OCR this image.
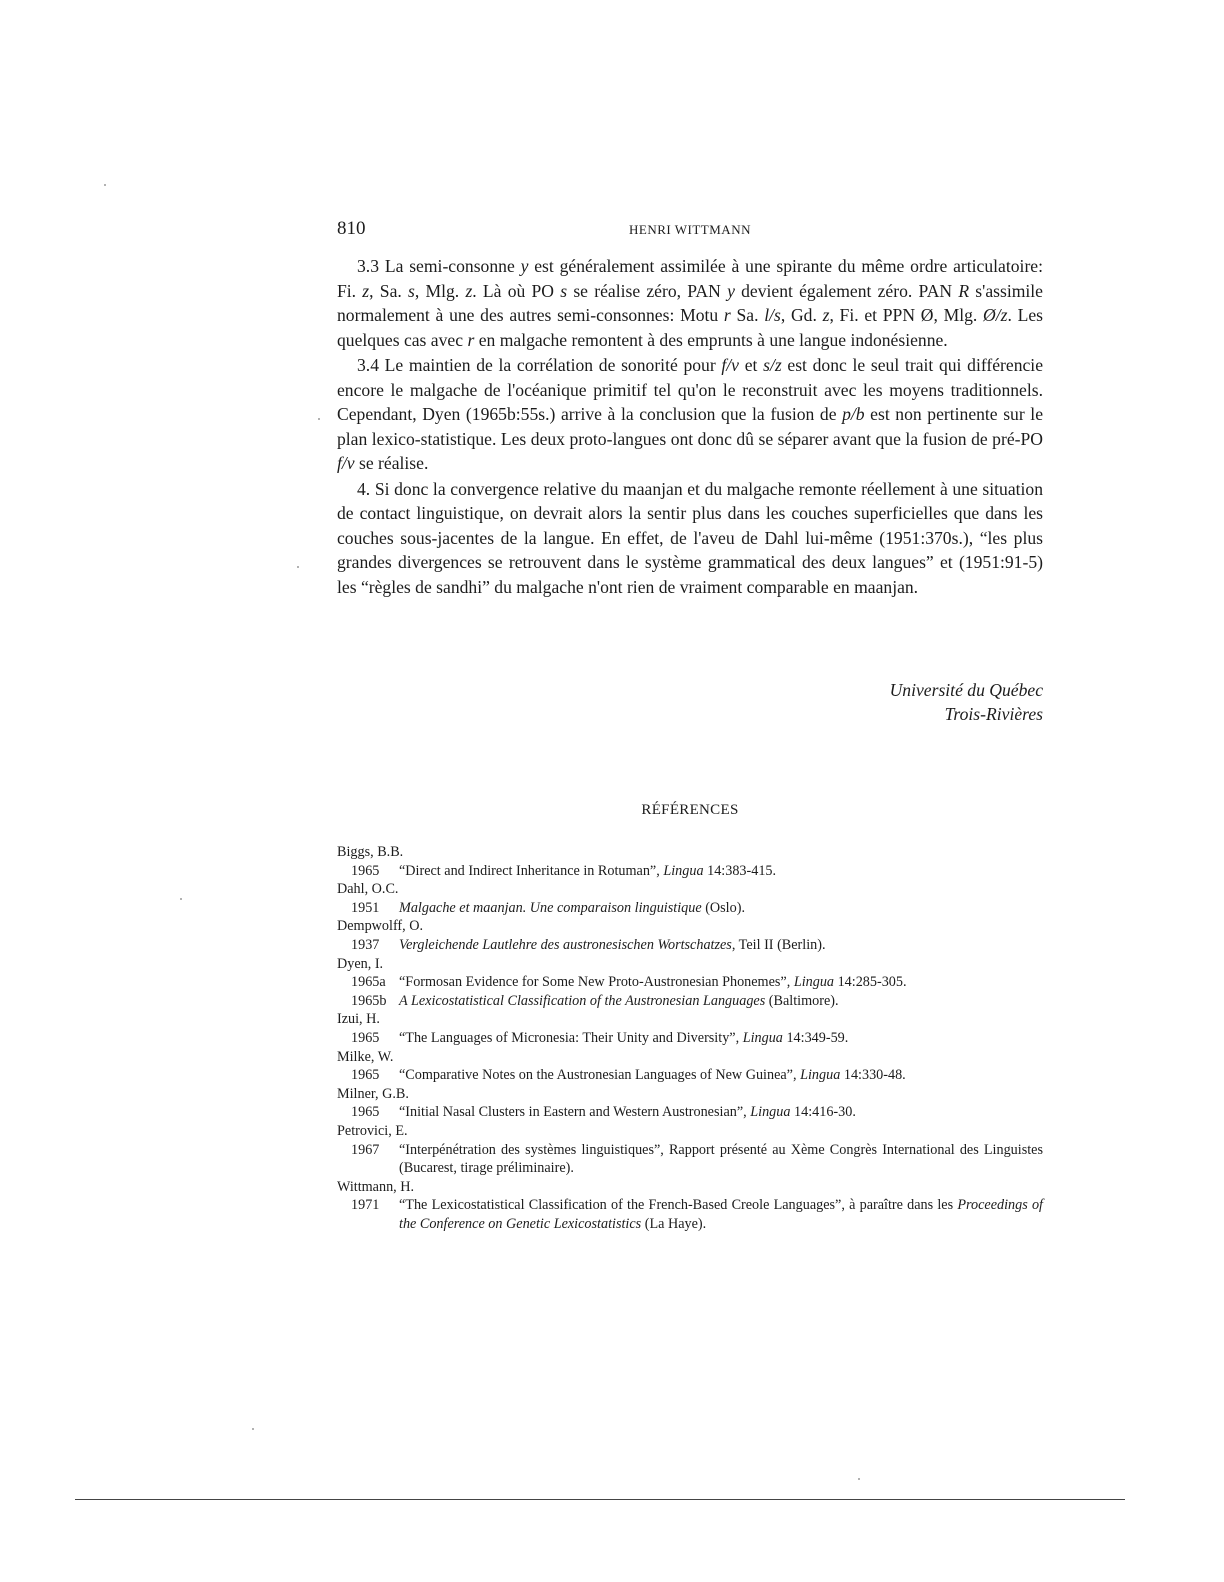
810	HENRI WITTMANN

3.3 La semi-consonne y est généralement assimilée à une spirante du même ordre articulatoire: Fi. z, Sa. s, Mlg. z. Là où PO s se réalise zéro, PAN y devient également zéro. PAN R s'assimile normalement à une des autres semi-consonnes: Motu r Sa. l/s, Gd. z, Fi. et PPN Ø, Mlg. Ø/z. Les quelques cas avec r en malgache remontent à des emprunts à une langue indonésienne.

3.4 Le maintien de la corrélation de sonorité pour f/v et s/z est donc le seul trait qui différencie encore le malgache de l'océanique primitif tel qu'on le reconstruit avec les moyens traditionnels. Cependant, Dyen (1965b:55s.) arrive à la conclusion que la fusion de p/b est non pertinente sur le plan lexico-statistique. Les deux proto-langues ont donc dû se séparer avant que la fusion de pré-PO f/v se réalise.

4. Si donc la convergence relative du maanjan et du malgache remonte réellement à une situation de contact linguistique, on devrait alors la sentir plus dans les couches superficielles que dans les couches sous-jacentes de la langue. En effet, de l'aveu de Dahl lui-même (1951:370s.), “les plus grandes divergences se retrouvent dans le système grammatical des deux langues” et (1951:91-5) les “règles de sandhi” du malgache n'ont rien de vraiment comparable en maanjan.

Université du Québec
Trois-Rivières
RÉFÉRENCES
Biggs, B.B.
1965 “Direct and Indirect Inheritance in Rotuman”, Lingua 14:383-415.
Dahl, O.C.
1951 Malgache et maanjan. Une comparaison linguistique (Oslo).
Dempwolff, O.
1937 Vergleichende Lautlehre des austronesischen Wortschatzes, Teil II (Berlin).
Dyen, I.
1965a “Formosan Evidence for Some New Proto-Austronesian Phonemes”, Lingua 14:285-305.
1965b A Lexicostatistical Classification of the Austronesian Languages (Baltimore).
Izui, H.
1965 “The Languages of Micronesia: Their Unity and Diversity”, Lingua 14:349-59.
Milke, W.
1965 “Comparative Notes on the Austronesian Languages of New Guinea”, Lingua 14:330-48.
Milner, G.B.
1965 “Initial Nasal Clusters in Eastern and Western Austronesian”, Lingua 14:416-30.
Petrovici, E.
1967 “Interpénétration des systèmes linguistiques”, Rapport présenté au Xème Congrès International des Linguistes (Bucarest, tirage préliminaire).
Wittmann, H.
1971 “The Lexicostatistical Classification of the French-Based Creole Languages”, à paraître dans les Proceedings of the Conference on Genetic Lexicostatistics (La Haye).
